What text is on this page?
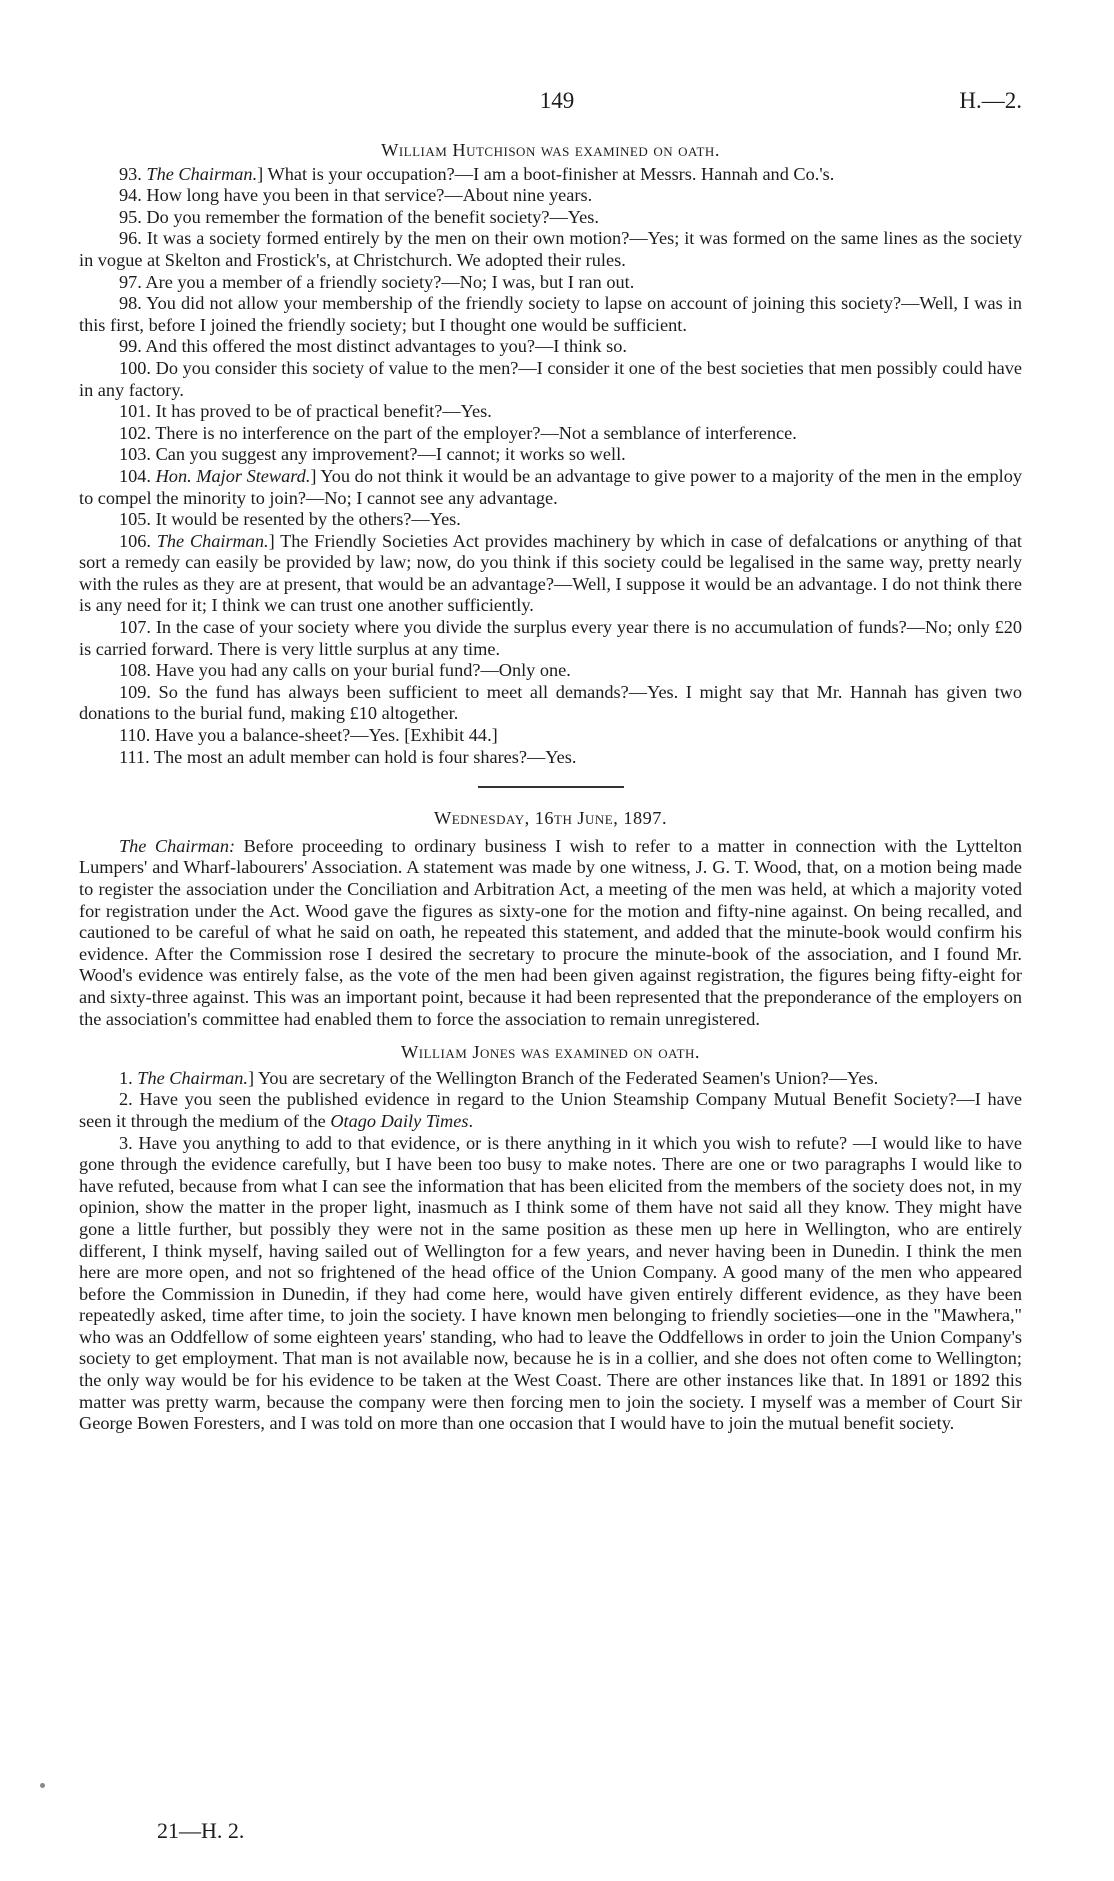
149	H.—2.

William Hutchison was examined on oath.

93. The Chairman.] What is your occupation?—I am a boot-finisher at Messrs. Hannah and Co.'s.

94. How long have you been in that service?—About nine years.

95. Do you remember the formation of the benefit society?—Yes.

96. It was a society formed entirely by the men on their own motion?—Yes; it was formed on the same lines as the society in vogue at Skelton and Frostick's, at Christchurch. We adopted their rules.

97. Are you a member of a friendly society?—No; I was, but I ran out.

98. You did not allow your membership of the friendly society to lapse on account of joining this society?—Well, I was in this first, before I joined the friendly society; but I thought one would be sufficient.

99. And this offered the most distinct advantages to you?—I think so.

100. Do you consider this society of value to the men?—I consider it one of the best societies that men possibly could have in any factory.

101. It has proved to be of practical benefit?—Yes.

102. There is no interference on the part of the employer?—Not a semblance of interference.

103. Can you suggest any improvement?—I cannot; it works so well.

104. Hon. Major Steward.] You do not think it would be an advantage to give power to a majority of the men in the employ to compel the minority to join?—No; I cannot see any advantage.

105. It would be resented by the others?—Yes.

106. The Chairman.] The Friendly Societies Act provides machinery by which in case of defalcations or anything of that sort a remedy can easily be provided by law; now, do you think if this society could be legalised in the same way, pretty nearly with the rules as they are at present, that would be an advantage?—Well, I suppose it would be an advantage. I do not think there is any need for it; I think we can trust one another sufficiently.

107. In the case of your society where you divide the surplus every year there is no accumulation of funds?—No; only £20 is carried forward. There is very little surplus at any time.

108. Have you had any calls on your burial fund?—Only one.

109. So the fund has always been sufficient to meet all demands?—Yes. I might say that Mr. Hannah has given two donations to the burial fund, making £10 altogether.

110. Have you a balance-sheet?—Yes. [Exhibit 44.]

111. The most an adult member can hold is four shares?—Yes.

Wednesday, 16th June, 1897.

The Chairman: Before proceeding to ordinary business I wish to refer to a matter in connection with the Lyttelton Lumpers' and Wharf-labourers' Association. A statement was made by one witness, J. G. T. Wood, that, on a motion being made to register the association under the Conciliation and Arbitration Act, a meeting of the men was held, at which a majority voted for registration under the Act. Wood gave the figures as sixty-one for the motion and fifty-nine against. On being recalled, and cautioned to be careful of what he said on oath, he repeated this statement, and added that the minute-book would confirm his evidence. After the Commission rose I desired the secretary to procure the minute-book of the association, and I found Mr. Wood's evidence was entirely false, as the vote of the men had been given against registration, the figures being fifty-eight for and sixty-three against. This was an important point, because it had been represented that the preponderance of the employers on the association's committee had enabled them to force the association to remain unregistered.

William Jones was examined on oath.

1. The Chairman.] You are secretary of the Wellington Branch of the Federated Seamen's Union?—Yes.

2. Have you seen the published evidence in regard to the Union Steamship Company Mutual Benefit Society?—I have seen it through the medium of the Otago Daily Times.

3. Have you anything to add to that evidence, or is there anything in it which you wish to refute? —I would like to have gone through the evidence carefully, but I have been too busy to make notes. There are one or two paragraphs I would like to have refuted, because from what I can see the information that has been elicited from the members of the society does not, in my opinion, show the matter in the proper light, inasmuch as I think some of them have not said all they know. They might have gone a little further, but possibly they were not in the same position as these men up here in Wellington, who are entirely different, I think myself, having sailed out of Wellington for a few years, and never having been in Dunedin. I think the men here are more open, and not so frightened of the head office of the Union Company. A good many of the men who appeared before the Commission in Dunedin, if they had come here, would have given entirely different evidence, as they have been repeatedly asked, time after time, to join the society. I have known men belonging to friendly societies—one in the "Mawhera," who was an Oddfellow of some eighteen years' standing, who had to leave the Oddfellows in order to join the Union Company's society to get employment. That man is not available now, because he is in a collier, and she does not often come to Wellington; the only way would be for his evidence to be taken at the West Coast. There are other instances like that. In 1891 or 1892 this matter was pretty warm, because the company were then forcing men to join the society. I myself was a member of Court Sir George Bowen Foresters, and I was told on more than one occasion that I would have to join the mutual benefit society.

21—H. 2.
